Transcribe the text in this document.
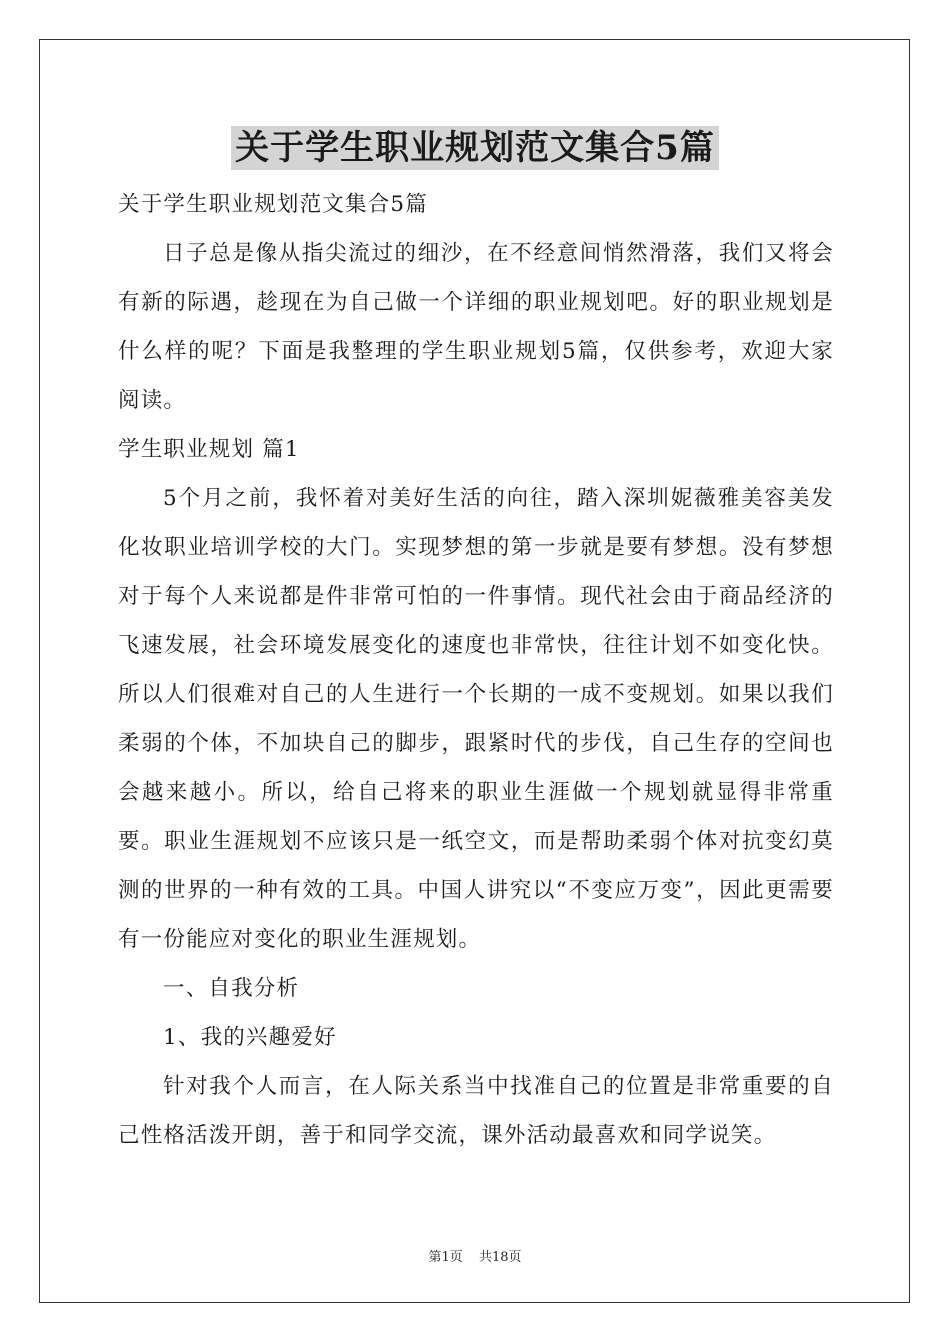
关于学生职业规划范文集合5篇

关于学生职业规划范文集合5篇

日子总是像从指尖流过的细沙，在不经意间悄然滑落，我们又将会有新的际遇，趁现在为自己做一个详细的职业规划吧。好的职业规划是什么样的呢？下面是我整理的学生职业规划5篇，仅供参考，欢迎大家阅读。

学生职业规划 篇1

5个月之前，我怀着对美好生活的向往，踏入深圳妮薇雅美容美发化妆职业培训学校的大门。实现梦想的第一步就是要有梦想。没有梦想对于每个人来说都是件非常可怕的一件事情。现代社会由于商品经济的飞速发展，社会环境发展变化的速度也非常快，往往计划不如变化快。所以人们很难对自己的人生进行一个长期的一成不变规划。如果以我们柔弱的个体，不加块自己的脚步，跟紧时代的步伐，自己生存的空间也会越来越小。所以，给自己将来的职业生涯做一个规划就显得非常重要。职业生涯规划不应该只是一纸空文，而是帮助柔弱个体对抗变幻莫测的世界的一种有效的工具。中国人讲究以“不变应万变”，因此更需要有一份能应对变化的职业生涯规划。

一、自我分析

1、我的兴趣爱好

针对我个人而言，在人际关系当中找准自己的位置是非常重要的自己性格活泼开朗，善于和同学交流，课外活动最喜欢和同学说笑。

第1页 共18页
